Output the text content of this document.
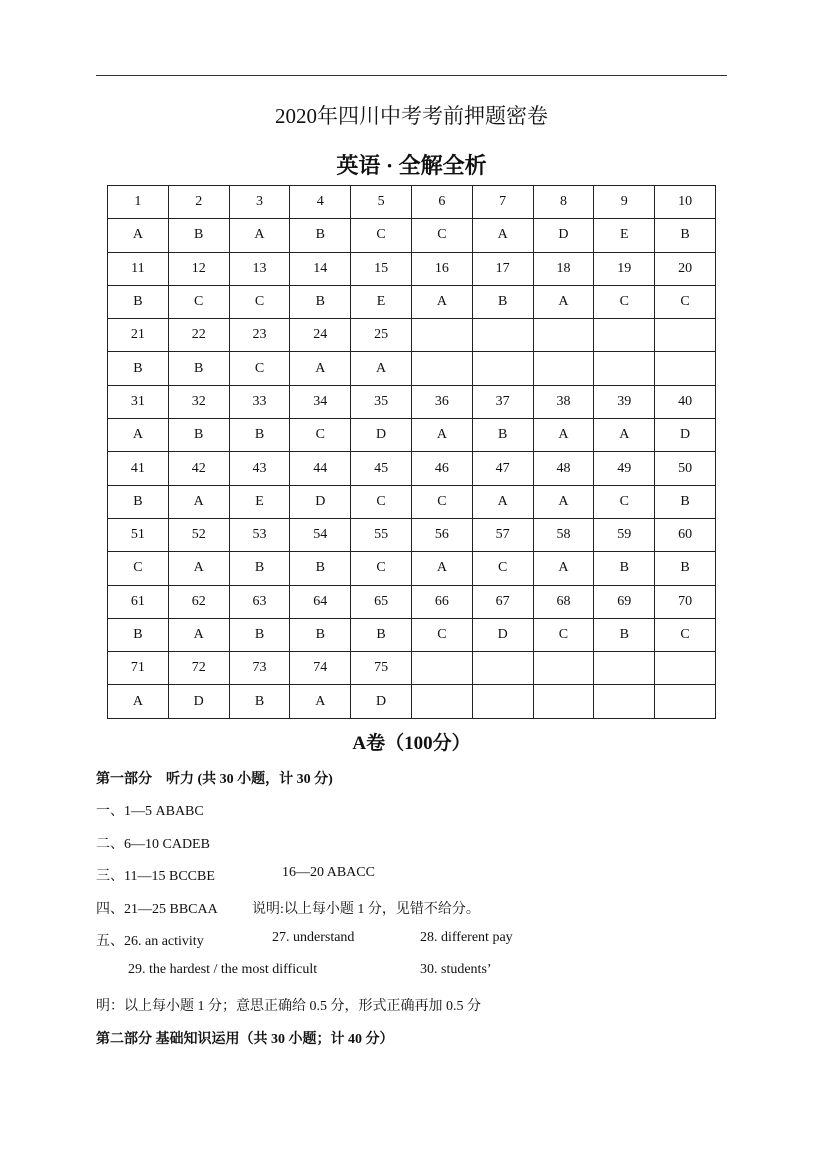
2020年四川中考考前押题密卷
英语 · 全解全析
1	2	3	4	5	6	7	8	9	10
A	B	A	B	C	C	A	D	E	B
11	12	13	14	15	16	17	18	19	20
B	C	C	B	E	A	B	A	C	C
21	22	23	24	25					
B	B	C	A	A					
31	32	33	34	35	36	37	38	39	40
A	B	B	C	D	A	B	A	A	D
41	42	43	44	45	46	47	48	49	50
B	A	E	D	C	C	A	A	C	B
51	52	53	54	55	56	57	58	59	60
C	A	B	B	C	A	C	A	B	B
61	62	63	64	65	66	67	68	69	70
B	A	B	B	B	C	D	C	B	C
71	72	73	74	75					
A	D	B	A	D					
A卷（100分）
第一部分　听力 (共 30 小题，计 30 分)
一、1—5 ABABC
二、6—10 CADEB
三、11—15 BCCBE	16—20 ABACC
四、21—25 BBCAA 说明:以上每小题 1 分，见错不给分。
五、26. an activity	27. understand	28. different pay
29. the hardest / the most difficult	30. students’
明：以上每小题 1 分；意思正确给 0.5 分，形式正确再加 0.5 分
第二部分 基础知识运用（共 30 小题；计 40 分）
